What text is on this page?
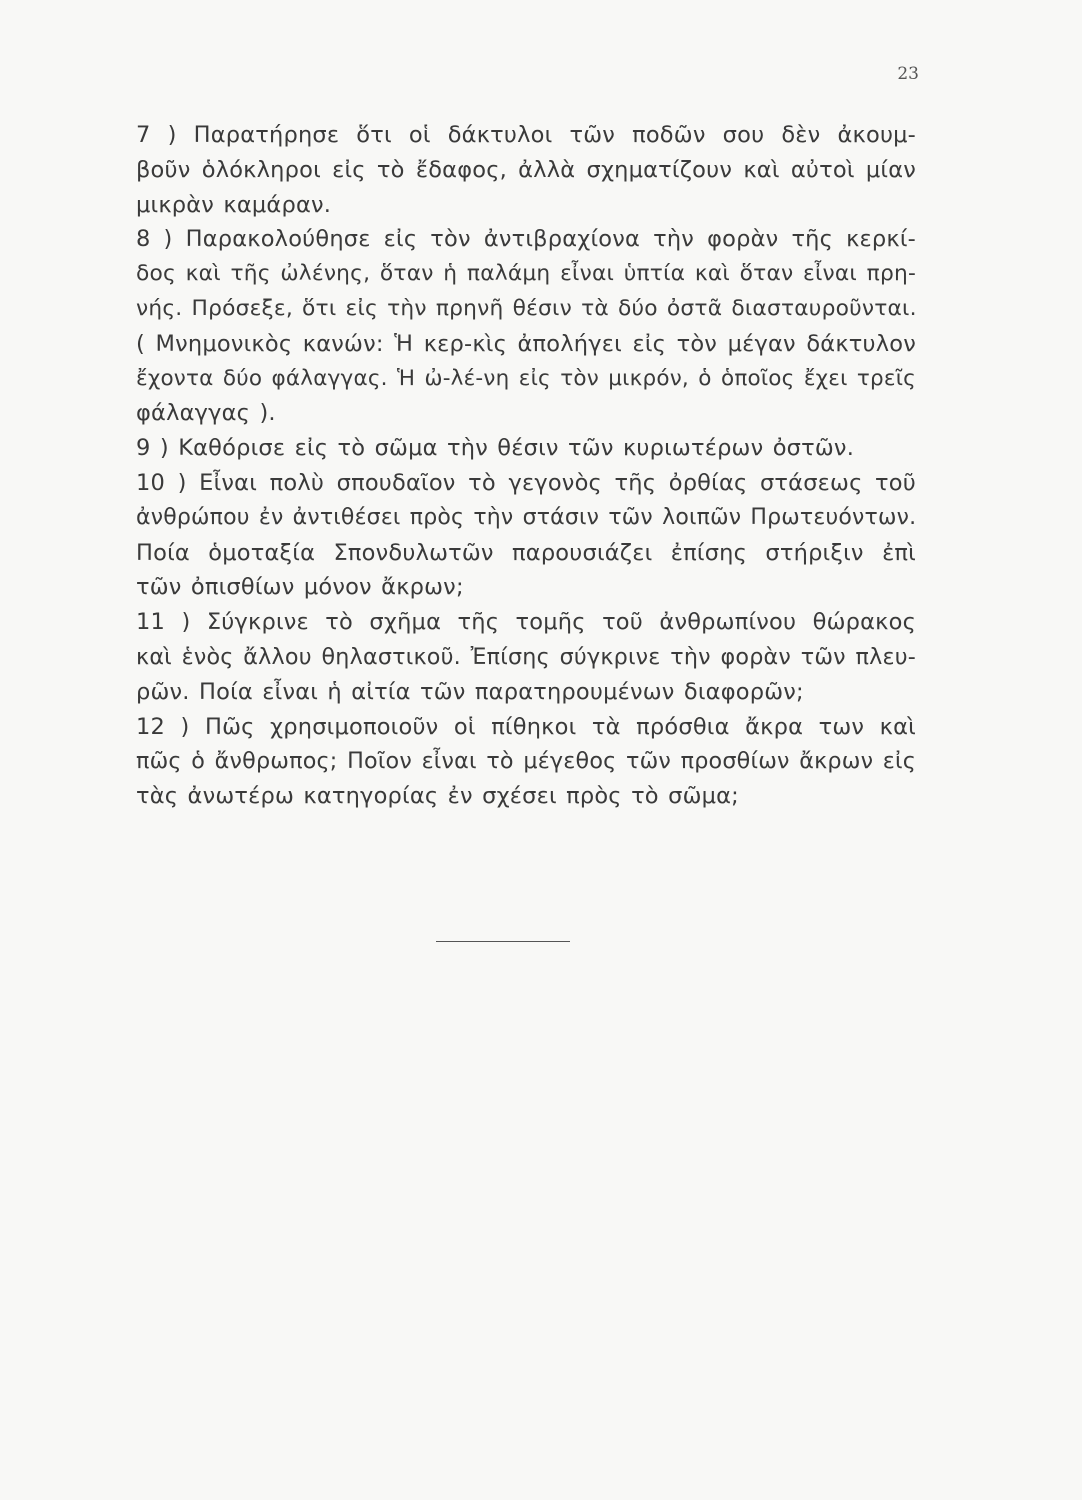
23
7 ) Παρατήρησε ὅτι οἱ δάκτυλοι τῶν ποδῶν σου δὲν ἀκουμ-
βοῦν ὁλόκληροι εἰς τὸ ἔδαφος, ἀλλὰ σχηματίζουν καὶ αὐτοὶ μίαν
μικρὰν καμάραν.
8 ) Παρακολούθησε εἰς τὸν ἀντιβραχίονα τὴν φορὰν τῆς κερκί-
δος καὶ τῆς ὠλένης, ὅταν ἡ παλάμη εἶναι ὑπτία καὶ ὅταν εἶναι πρη-
νής. Πρόσεξε, ὅτι εἰς τὴν πρηνῆ θέσιν τὰ δύο ὀστᾶ διασταυροῦνται.
( Μνημονικὸς κανών: Ἡ κερ-κὶς ἀπολήγει εἰς τὸν μέγαν δάκτυλον
ἔχοντα δύο φάλαγγας. Ἡ ὠ-λέ-νη εἰς τὸν μικρόν, ὁ ὁποῖος ἔχει τρεῖς
φάλαγγας ).
9 ) Καθόρισε εἰς τὸ σῶμα τὴν θέσιν τῶν κυριωτέρων ὀστῶν.
10 ) Εἶναι πολὺ σπουδαῖον τὸ γεγονὸς τῆς ὀρθίας στάσεως τοῦ
ἀνθρώπου ἐν ἀντιθέσει πρὸς τὴν στάσιν τῶν λοιπῶν Πρωτευόντων.
Ποία ὁμοταξία Σπονδυλωτῶν παρουσιάζει ἐπίσης στήριξιν ἐπὶ
τῶν ὀπισθίων μόνον ἄκρων;
11 ) Σύγκρινε τὸ σχῆμα τῆς τομῆς τοῦ ἀνθρωπίνου θώρακος
καὶ ἑνὸς ἄλλου θηλαστικοῦ. Ἐπίσης σύγκρινε τὴν φορὰν τῶν πλευ-
ρῶν. Ποία εἶναι ἡ αἰτία τῶν παρατηρουμένων διαφορῶν;
12 ) Πῶς χρησιμοποιοῦν οἱ πίθηκοι τὰ πρόσθια ἄκρα των καὶ
πῶς ὁ ἄνθρωπος; Ποῖον εἶναι τὸ μέγεθος τῶν προσθίων ἄκρων εἰς
τὰς ἀνωτέρω κατηγορίας ἐν σχέσει πρὸς τὸ σῶμα;
